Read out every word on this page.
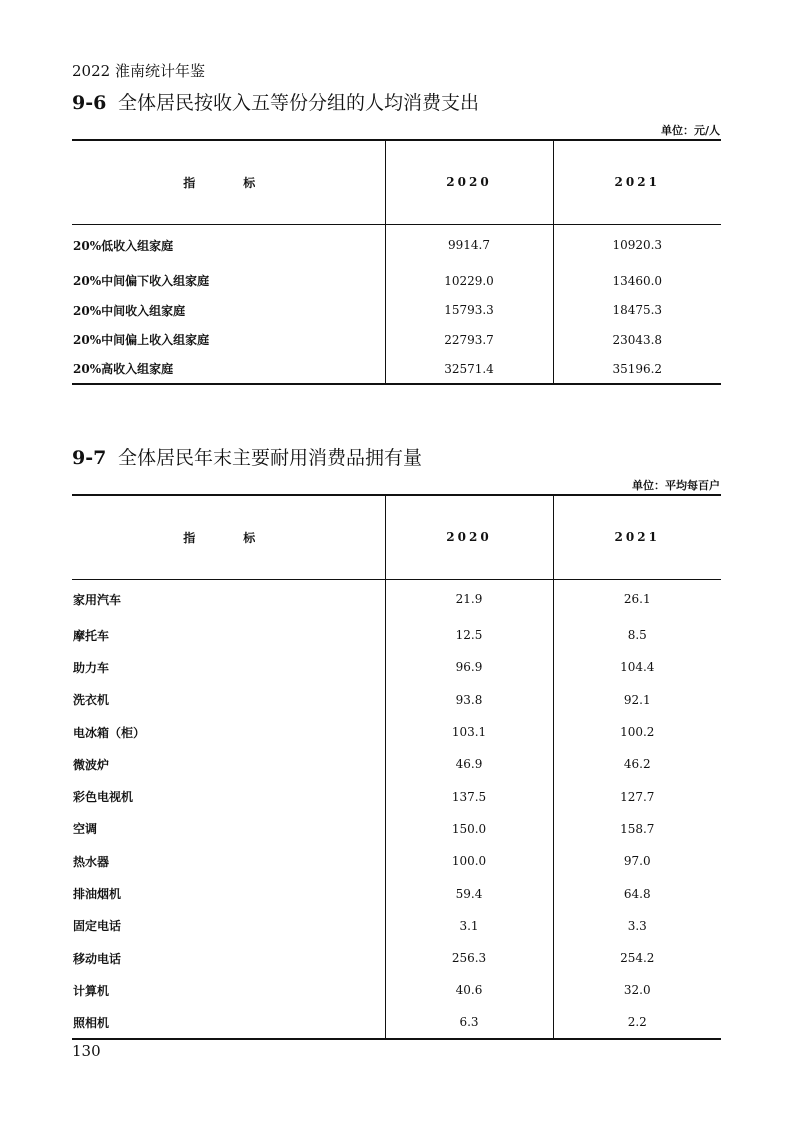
2022 淮南统计年鉴
9-6 全体居民按收入五等份分组的人均消费支出
单位：元/人
指　标	2020	2021
20%低收入组家庭	9914.7	10920.3
20%中间偏下收入组家庭	10229.0	13460.0
20%中间收入组家庭	15793.3	18475.3
20%中间偏上收入组家庭	22793.7	23043.8
20%高收入组家庭	32571.4	35196.2
9-7 全体居民年末主要耐用消费品拥有量
单位：平均每百户
指　标	2020	2021
家用汽车	21.9	26.1
摩托车	12.5	8.5
助力车	96.9	104.4
洗衣机	93.8	92.1
电冰箱（柜）	103.1	100.2
微波炉	46.9	46.2
彩色电视机	137.5	127.7
空调	150.0	158.7
热水器	100.0	97.0
排油烟机	59.4	64.8
固定电话	3.1	3.3
移动电话	256.3	254.2
计算机	40.6	32.0
照相机	6.3	2.2
130
